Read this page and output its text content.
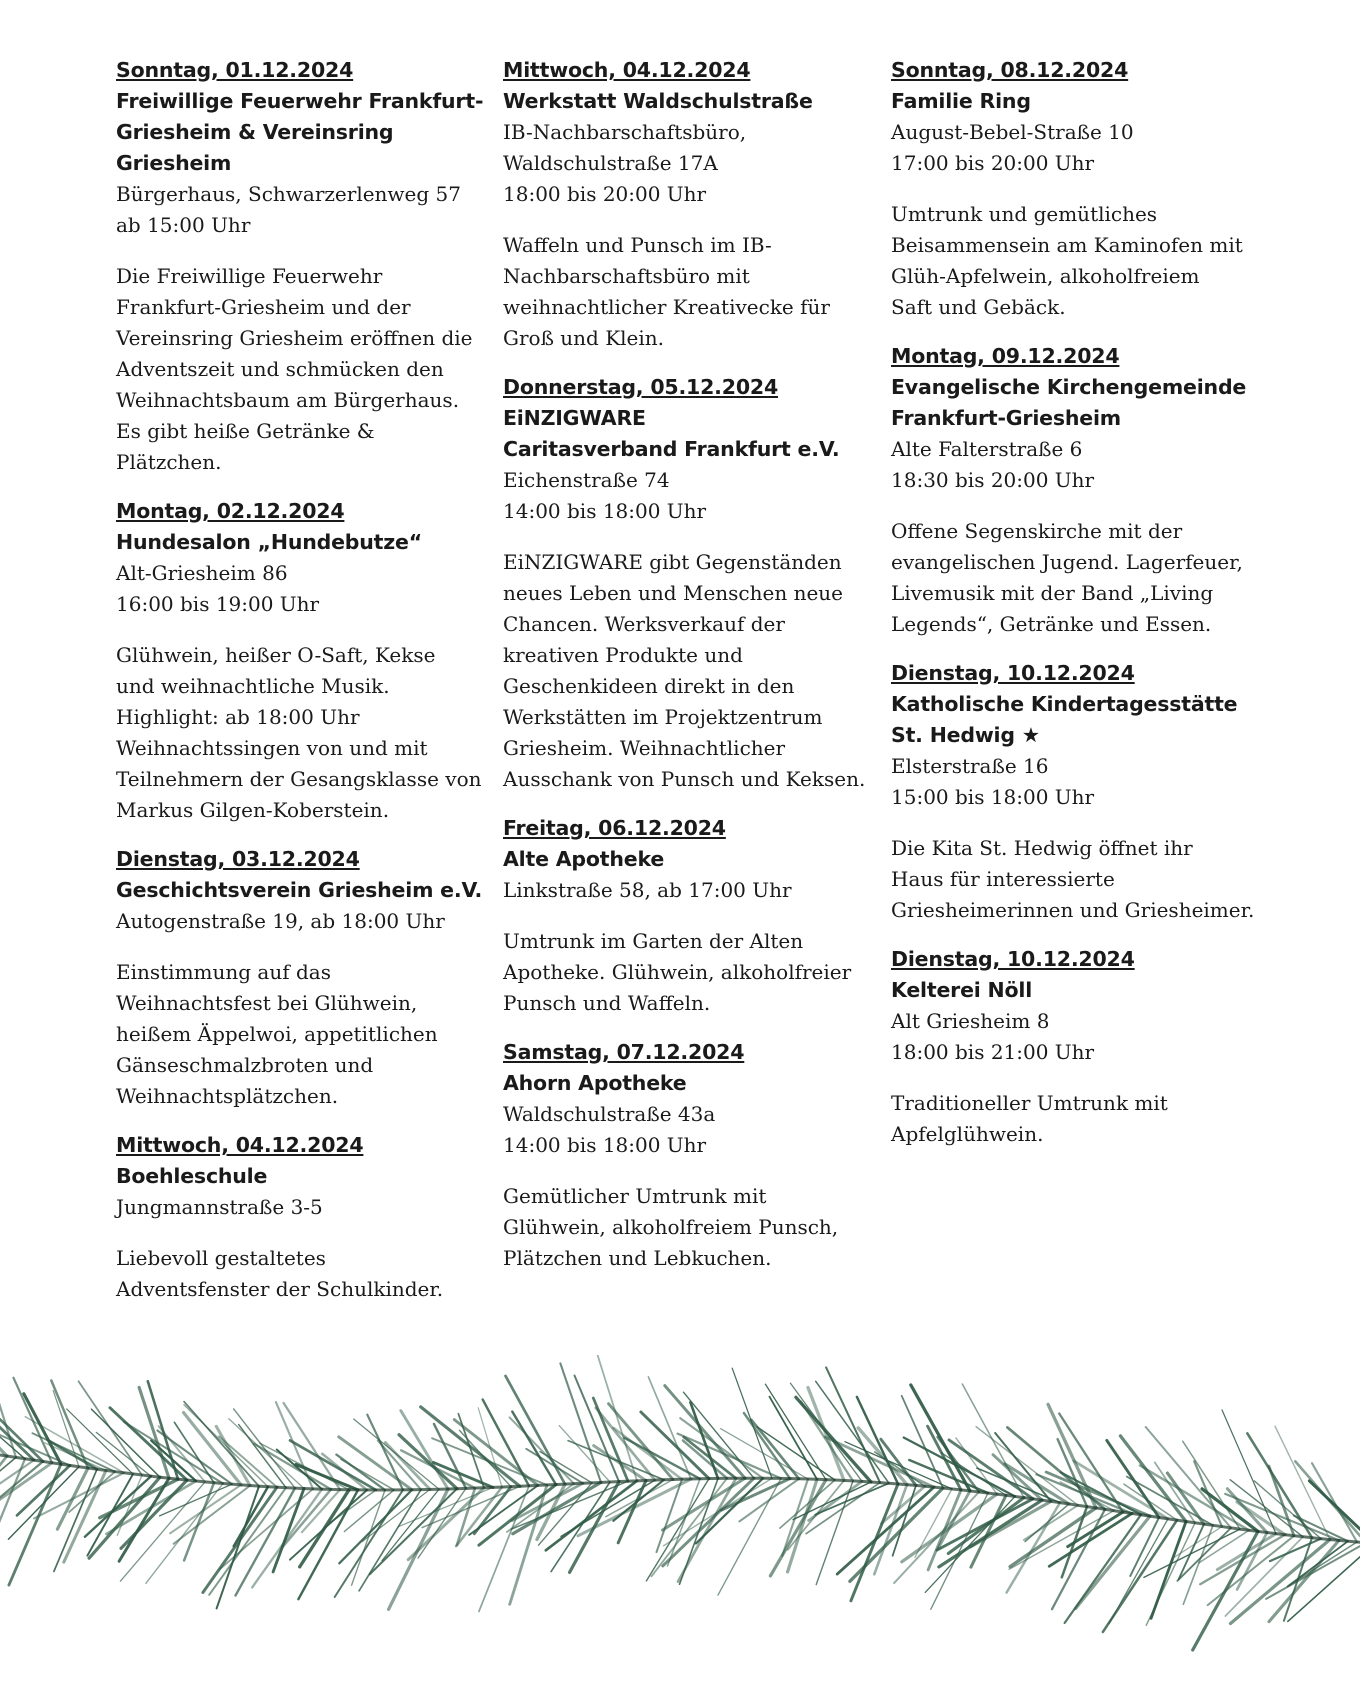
Sonntag, 01.12.2024

Freiwillige Feuerwehr Frankfurt-

Griesheim & Vereinsring Griesheim

Bürgerhaus, Schwarzerlenweg 57

ab 15:00 Uhr

Die Freiwillige Feuerwehr

Frankfurt-Griesheim und der

Vereinsring Griesheim eröffnen die

Adventszeit und schmücken den

Weihnachtsbaum am Bürgerhaus.

Es gibt heiße Getränke &

Plätzchen.

Montag, 02.12.2024

Hundesalon „Hundebutze“

Alt-Griesheim 86

16:00 bis 19:00 Uhr

Glühwein, heißer O-Saft, Kekse

und weihnachtliche Musik.

Highlight: ab 18:00 Uhr

Weihnachtssingen von und mit

Teilnehmern der Gesangsklasse von

Markus Gilgen-Koberstein.

Dienstag, 03.12.2024

Geschichtsverein Griesheim e.V.

Autogenstraße 19, ab 18:00 Uhr

Einstimmung auf das

Weihnachtsfest bei Glühwein,

heißem Äppelwoi, appetitlichen

Gänseschmalzbroten und

Weihnachtsplätzchen.

Mittwoch, 04.12.2024

Boehleschule

Jungmannstraße 3-5

Liebevoll gestaltetes

Adventsfenster der Schulkinder.

Mittwoch, 04.12.2024

Werkstatt Waldschulstraße

IB-Nachbarschaftsbüro,

Waldschulstraße 17A

18:00 bis 20:00 Uhr

Waffeln und Punsch im IB-

Nachbarschaftsbüro mit

weihnachtlicher Kreativecke für

Groß und Klein.

Donnerstag, 05.12.2024

EiNZIGWARE

Caritasverband Frankfurt e.V.

Eichenstraße 74

14:00 bis 18:00 Uhr

EiNZIGWARE gibt Gegenständen

neues Leben und Menschen neue

Chancen. Werksverkauf der

kreativen Produkte und

Geschenkideen direkt in den

Werkstätten im Projektzentrum

Griesheim. Weihnachtlicher

Ausschank von Punsch und Keksen.

Freitag, 06.12.2024

Alte Apotheke

Linkstraße 58, ab 17:00 Uhr

Umtrunk im Garten der Alten

Apotheke. Glühwein, alkoholfreier

Punsch und Waffeln.

Samstag, 07.12.2024

Ahorn Apotheke

Waldschulstraße 43a

14:00 bis 18:00 Uhr

Gemütlicher Umtrunk mit

Glühwein, alkoholfreiem Punsch,

Plätzchen und Lebkuchen.

Sonntag, 08.12.2024

Familie Ring

August-Bebel-Straße 10

17:00 bis 20:00 Uhr

Umtrunk und gemütliches

Beisammensein am Kaminofen mit

Glüh-Apfelwein, alkoholfreiem

Saft und Gebäck.

Montag, 09.12.2024

Evangelische Kirchengemeinde

Frankfurt-Griesheim

Alte Falterstraße 6

18:30 bis 20:00 Uhr

Offene Segenskirche mit der

evangelischen Jugend. Lagerfeuer,

Livemusik mit der Band „Living

Legends“, Getränke und Essen.

Dienstag, 10.12.2024

Katholische Kindertagesstätte

St. Hedwig ★

Elsterstraße 16

15:00 bis 18:00 Uhr

Die Kita St. Hedwig öffnet ihr

Haus für interessierte

Griesheimerinnen und Griesheimer.

Dienstag, 10.12.2024

Kelterei Nöll

Alt Griesheim 8

18:00 bis 21:00 Uhr

Traditioneller Umtrunk mit

Apfelglühwein.
